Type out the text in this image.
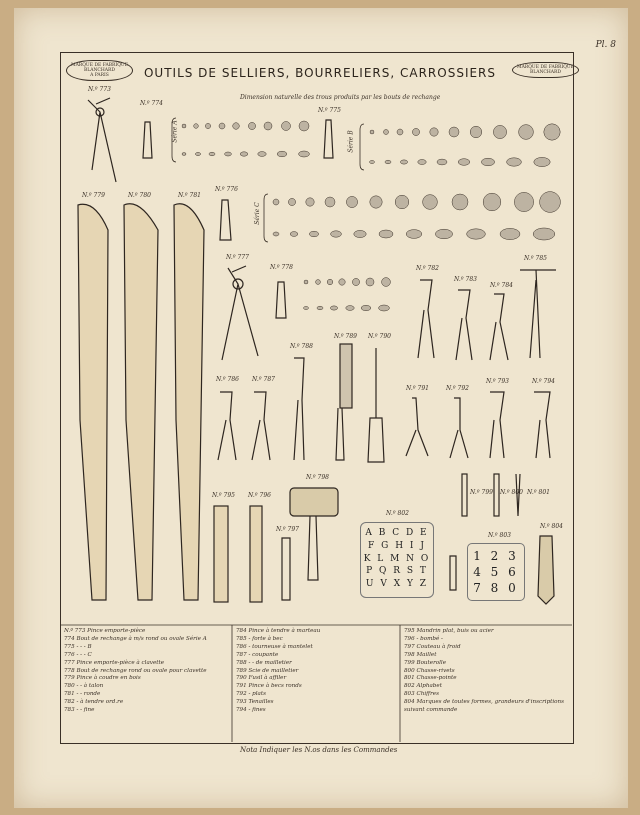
Pl. 8
OUTILS DE SELLIERS, BOURRELIERS, CARROSSIERS
MARQUE DE FABRIQUE
BLANCHARD
A PARIS
MARQUE DE FABRIQUE
BLANCHARD
Dimension naturelle des trous produits par les bouts de rechange
Série A	Série B
Série C
N.º 773
N.º 774
N.º 775
N.º 776
N.º 777
N.º 778
N.º 779	N.º 780	N.º 781
N.º 782
N.º 783
N.º 784
N.º 785
N.º 786 N.º 787
N.º 788
N.º 789 N.º 790
N.º 791	N.º 792
N.º 793	N.º 794
N.º 795 N.º 796
N.º 797
N.º 798
N.º 799 N.º 800 N.º 801
N.º 802
N.º 803
N.º 804
A B C D E
F G H I J
K L M N O
P Q R S T
U V X Y Z
1 2 3
4 5 6
7 8 0
N.º 773 Pince emporte-pièce
774 Bout de rechange à m/s rond ou ovale Série A
775 - - - B
776 - - - C
777 Pince emporte-pièce à clavette
778 Bout de rechange rond ou ovale pour clavette
779 Pince à coudre en bois
780 - - à talon
781 - - ronde
782 - à tendre ord.re
783 - - fine
784 Pince à tendre à marteau
785 - forte à bec
786 - tourneuse à mantelet
787 - coupante
788 - - de mailletier
789 Scie de mailletier
790 Fusil à affiler
791 Pince à becs ronds
792 - plats
793 Tenailles
794 - fines
795 Mandrin plat, buis ou acier
796 - bombé -
797 Couteau à froid
798 Maillet
799 Bouterolle
800 Chasse-rivets
801 Chasse-pointe
802 Alphabet
803 Chiffres
804 Marques de toutes formes, grandeurs d'inscriptions
suivant commande
Nota Indiquer les N.os dans les Commandes
